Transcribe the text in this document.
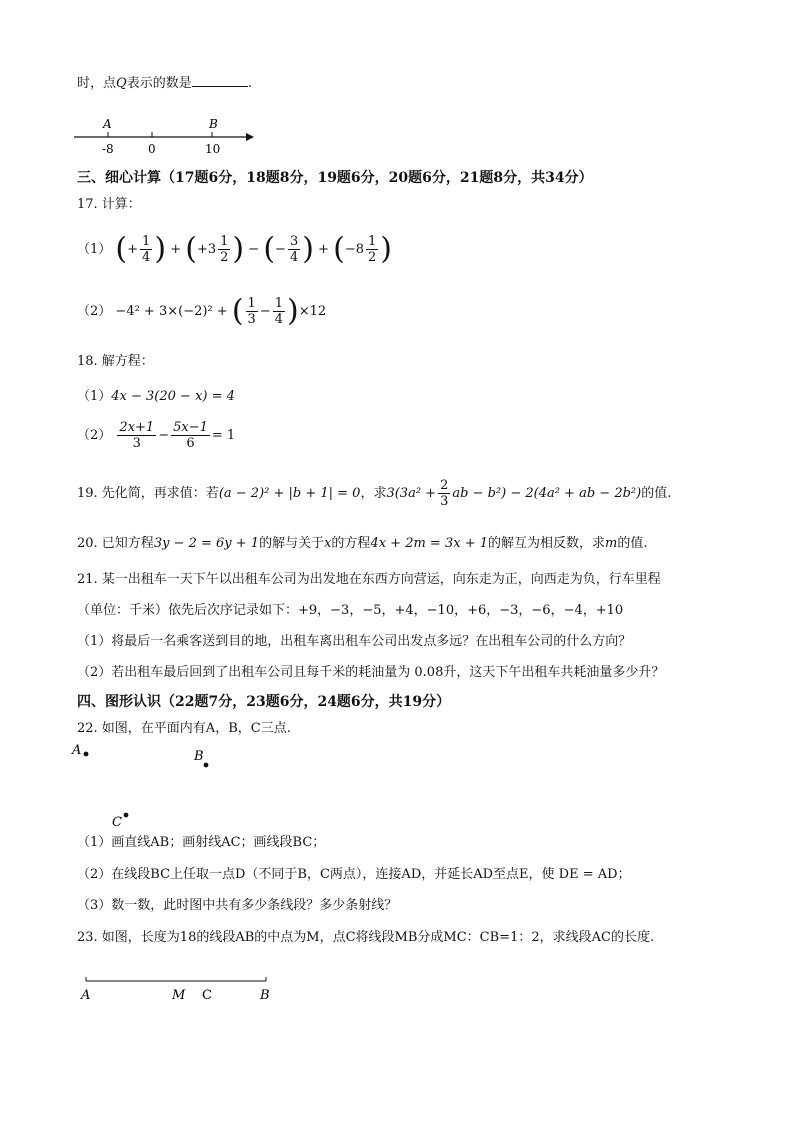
时，点Q表示的数是	.
A	B
-8	0	10
三、细心计算（17题6分，18题8分，19题6分，20题6分，21题8分，共34分）
17. 计算：
（1） (+ $\frac{1}{4}$ ) + ($+3 \frac{1}{2}$ ) − (− $\frac{3}{4}$ ) + ($-8 \frac{1}{2}$ )
（2） −4² + 3×(−2)² + ( $\frac{1}{3} - \frac{1}{4} )\times 12$
18. 解方程：
（1）4x − 3(20 − x) = 4
$(2) \frac{2x+1}{3} - \frac{5x-1}{6} = 1$
19. 先化简，再求值：若(a − 2)² + |b + 1| = 0，求$3(3a^2 + \frac{2}{3}$ ab − b²) − 2(4a² + ab − 2b²)的值.
20. 已知方程3y − 2 = 6y + 1的解与关于x的方程4x + 2m = 3x + 1的解互为相反数，求m的值.
21. 某一出租车一天下午以出租车公司为出发地在东西方向营运，向东走为正，向西走为负，行车里程
（单位：千米）依先后次序记录如下：+9，−3，−5，+4，−10，+6，−3，−6，−4，+10
（1）将最后一名乘客送到目的地，出租车离出租车公司出发点多远？在出租车公司的什么方向？
（2）若出租车最后回到了出租车公司且每千米的耗油量为 0.08升，这天下午出租车共耗油量多少升？
四、图形认识（22题7分，23题6分，24题6分，共19分）
22. 如图，在平面内有A，B，C三点.
A	B
C
（1）画直线AB；画射线AC；画线段BC；
（2）在线段BC上任取一点D（不同于B，C两点），连接AD，并延长AD至点E，使 DE = AD；
（3）数一数，此时图中共有多少条线段？多少条射线？
23. 如图，长度为18的线段AB的中点为M，点C将线段MB分成MC：CB=1：2，求线段AC的长度.
A	M C	B
